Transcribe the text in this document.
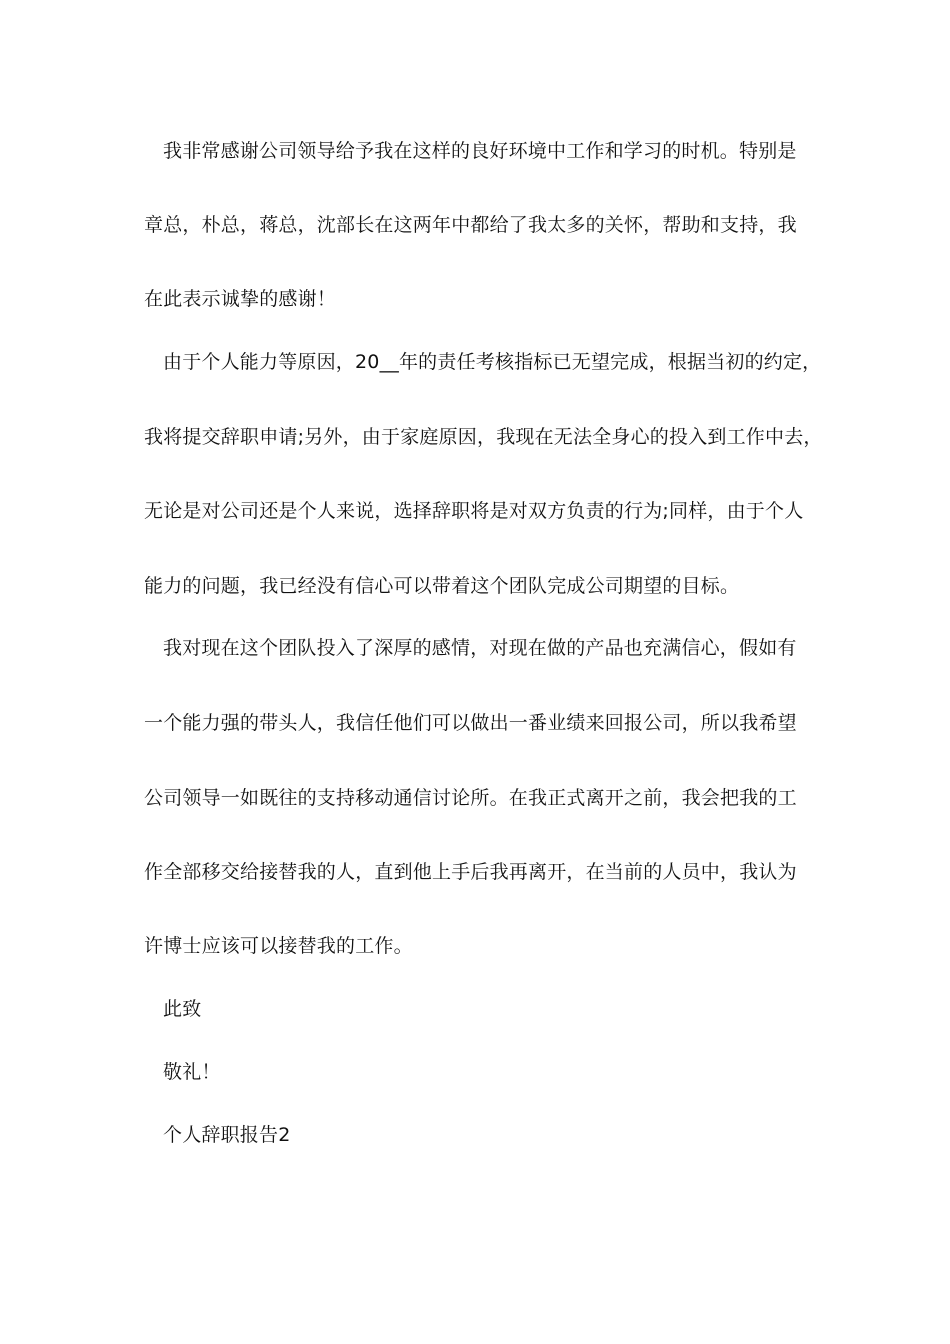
我非常感谢公司领导给予我在这样的良好环境中工作和学习的时机。特别是
章总，朴总，蒋总，沈部长在这两年中都给了我太多的关怀，帮助和支持，我
在此表示诚挚的感谢！
由于个人能力等原因，20__年的责任考核指标已无望完成，根据当初的约定，
我将提交辞职申请;另外，由于家庭原因，我现在无法全身心的投入到工作中去，
无论是对公司还是个人来说，选择辞职将是对双方负责的行为;同样，由于个人
能力的问题，我已经没有信心可以带着这个团队完成公司期望的目标。
我对现在这个团队投入了深厚的感情，对现在做的产品也充满信心，假如有
一个能力强的带头人，我信任他们可以做出一番业绩来回报公司，所以我希望
公司领导一如既往的支持移动通信讨论所。在我正式离开之前，我会把我的工
作全部移交给接替我的人，直到他上手后我再离开，在当前的人员中，我认为
许博士应该可以接替我的工作。
此致
敬礼！
个人辞职报告2
